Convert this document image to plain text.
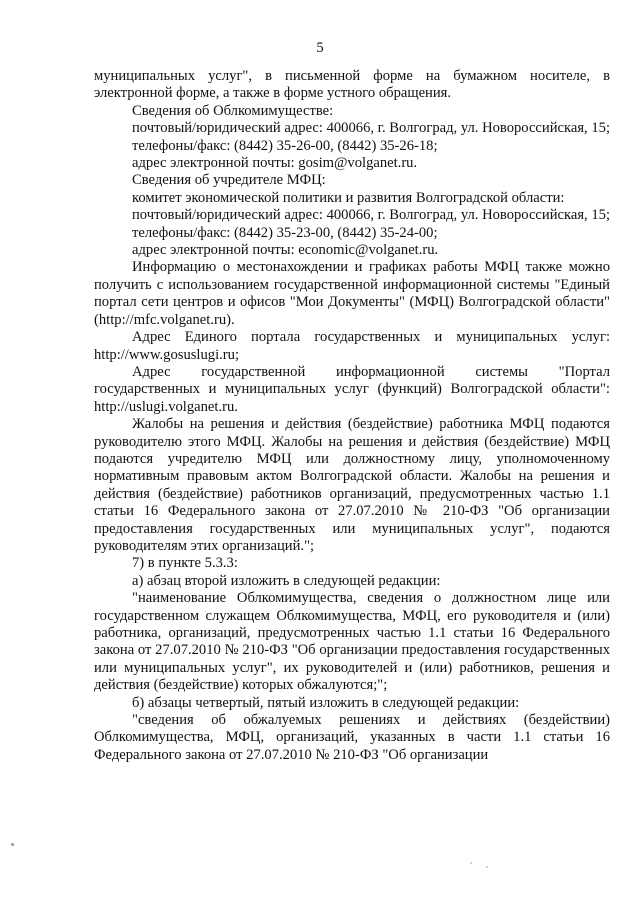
5

муниципальных услуг", в письменной форме на бумажном носителе, в электронной форме, а также в форме устного обращения.

Сведения об Облкомимуществе:

почтовый/юридический адрес: 400066, г. Волгоград, ул. Новороссийская, 15;

телефоны/факс: (8442) 35-26-00, (8442) 35-26-18;

адрес электронной почты: gosim@volganet.ru.

Сведения об учредителе МФЦ:

комитет экономической политики и развития Волгоградской области:

почтовый/юридический адрес: 400066, г. Волгоград, ул. Новороссийская, 15;

телефоны/факс: (8442) 35-23-00, (8442) 35-24-00;

адрес электронной почты: economic@volganet.ru.

Информацию о местонахождении и графиках работы МФЦ также можно получить с использованием государственной информационной системы "Единый портал сети центров и офисов "Мои Документы" (МФЦ) Волгоградской области" (http://mfc.volganet.ru).

Адрес Единого портала государственных и муниципальных услуг: http://www.gosuslugi.ru;

Адрес государственной информационной системы "Портал государственных и муниципальных услуг (функций) Волгоградской области": http://uslugi.volganet.ru.

Жалобы на решения и действия (бездействие) работника МФЦ подаются руководителю этого МФЦ. Жалобы на решения и действия (бездействие) МФЦ подаются учредителю МФЦ или должностному лицу, уполномоченному нормативным правовым актом Волгоградской области. Жалобы на решения и действия (бездействие) работников организаций, предусмотренных частью 1.1 статьи 16 Федерального закона от 27.07.2010 № 210-ФЗ "Об организации предоставления государственных или муниципальных услуг", подаются руководителям этих организаций.";

7) в пункте 5.3.3:

а) абзац второй изложить в следующей редакции:

"наименование Облкомимущества, сведения о должностном лице или государственном служащем Облкомимущества, МФЦ, его руководителя и (или) работника, организаций, предусмотренных частью 1.1 статьи 16 Федерального закона от 27.07.2010 № 210-ФЗ "Об организации предоставления государственных или муниципальных услуг", их руководителей и (или) работников, решения и действия (бездействие) которых обжалуются;";

б) абзацы четвертый, пятый изложить в следующей редакции:

"сведения об обжалуемых решениях и действиях (бездействии) Облкомимущества, МФЦ, организаций, указанных в части 1.1 статьи 16 Федерального закона от 27.07.2010 № 210-ФЗ "Об организации
